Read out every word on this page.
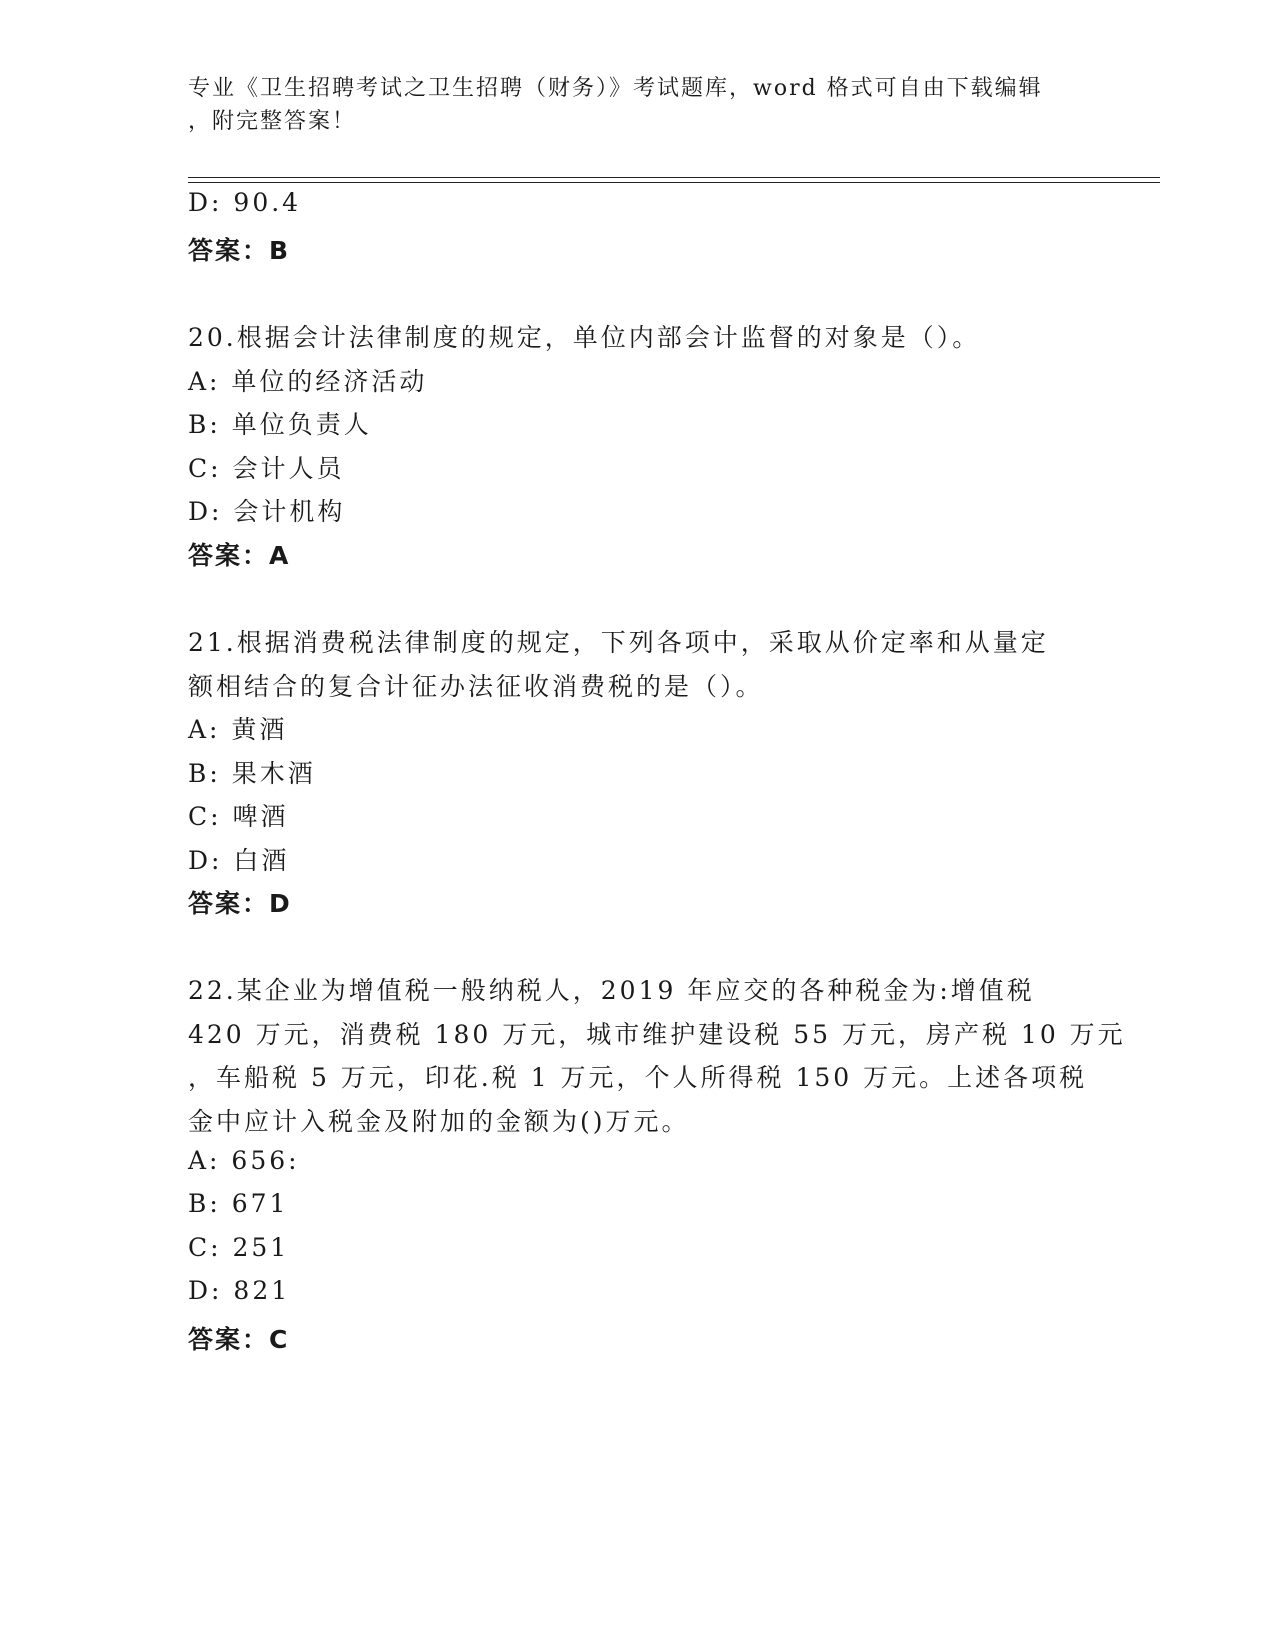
专业《卫生招聘考试之卫生招聘（财务）》考试题库，word 格式可自由下载编辑
，附完整答案！
D: 90.4
答案：B
20.根据会计法律制度的规定，单位内部会计监督的对象是（）。
A: 单位的经济活动
B: 单位负责人
C: 会计人员
D: 会计机构
答案：A
21.根据消费税法律制度的规定，下列各项中，采取从价定率和从量定
额相结合的复合计征办法征收消费税的是（）。
A: 黄酒
B: 果木酒
C: 啤酒
D: 白酒
答案：D
22.某企业为增值税一般纳税人，2019 年应交的各种税金为:增值税
420 万元，消费税 180 万元，城市维护建设税 55 万元，房产税 10 万元
，车船税 5 万元，印花.税 1 万元，个人所得税 150 万元。上述各项税
金中应计入税金及附加的金额为()万元。
A: 656:
B: 671
C: 251
D: 821
答案：C
